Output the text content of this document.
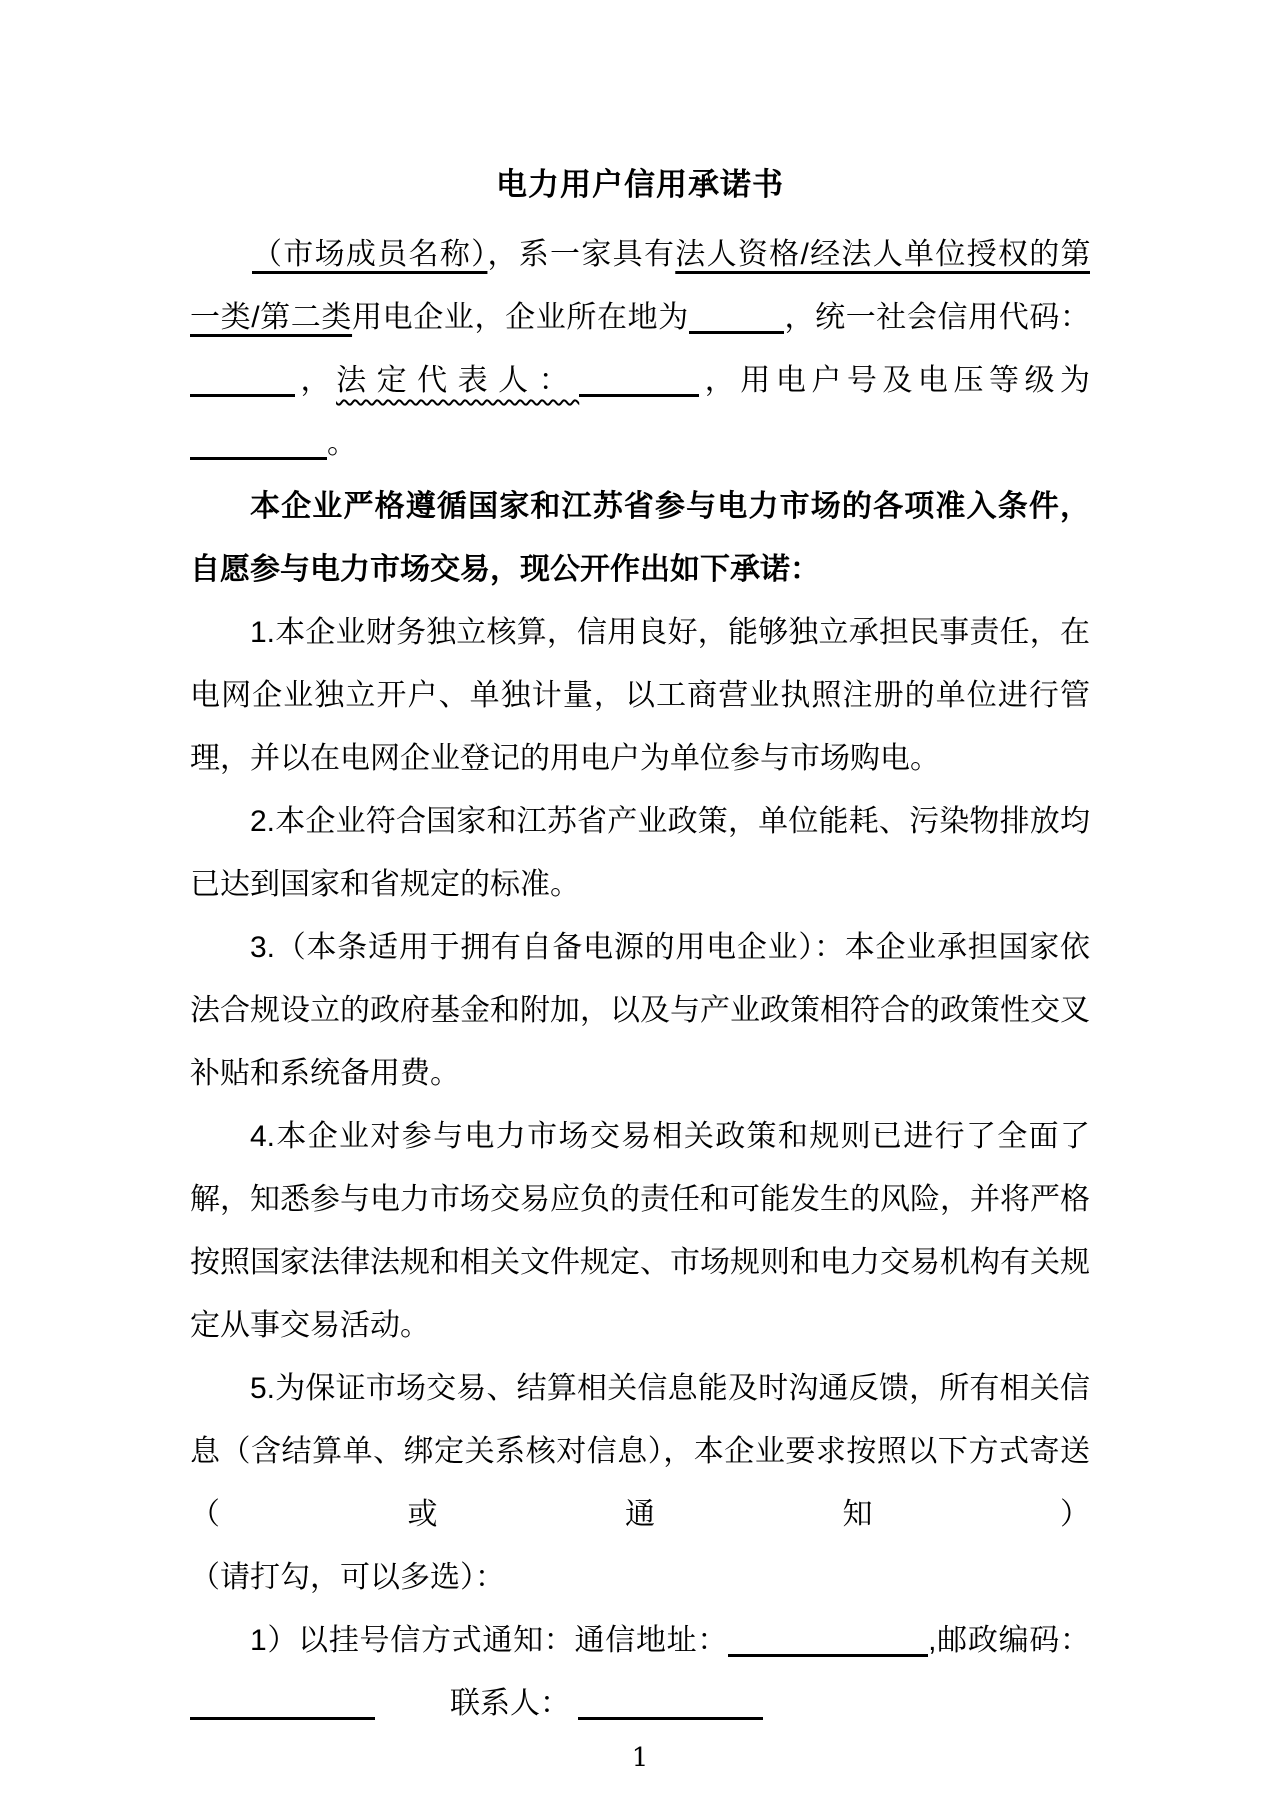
电力用户信用承诺书
（市场成员名称），系一家具有法人资格/经法人单位授权的第
一类/第二类用电企业，企业所在地为	，统一社会信用代码：
，法定代表人：	，用电户号及电压等级为
。
本企业严格遵循国家和江苏省参与电力市场的各项准入条件，
自愿参与电力市场交易，现公开作出如下承诺：

1.本企业财务独立核算，信用良好，能够独立承担民事责任，在电网企业独立开户、单独计量，以工商营业执照注册的单位进行管理，并以在电网企业登记的用电户为单位参与市场购电。

2.本企业符合国家和江苏省产业政策，单位能耗、污染物排放均已达到国家和省规定的标准。

3.（本条适用于拥有自备电源的用电企业）：本企业承担国家依法合规设立的政府基金和附加，以及与产业政策相符合的政策性交叉补贴和系统备用费。

4.本企业对参与电力市场交易相关政策和规则已进行了全面了解，知悉参与电力市场交易应负的责任和可能发生的风险，并将严格按照国家法律法规和相关文件规定、市场规则和电力交易机构有关规定从事交易活动。

5.为保证市场交易、结算相关信息能及时沟通反馈，所有相关信息（含结算单、绑定关系核对信息），本企业要求按照以下方式寄送（或通知）

（请打勾，可以多选）：

1）以挂号信方式通知：通信地址：	,邮政编码：联系人：

1
